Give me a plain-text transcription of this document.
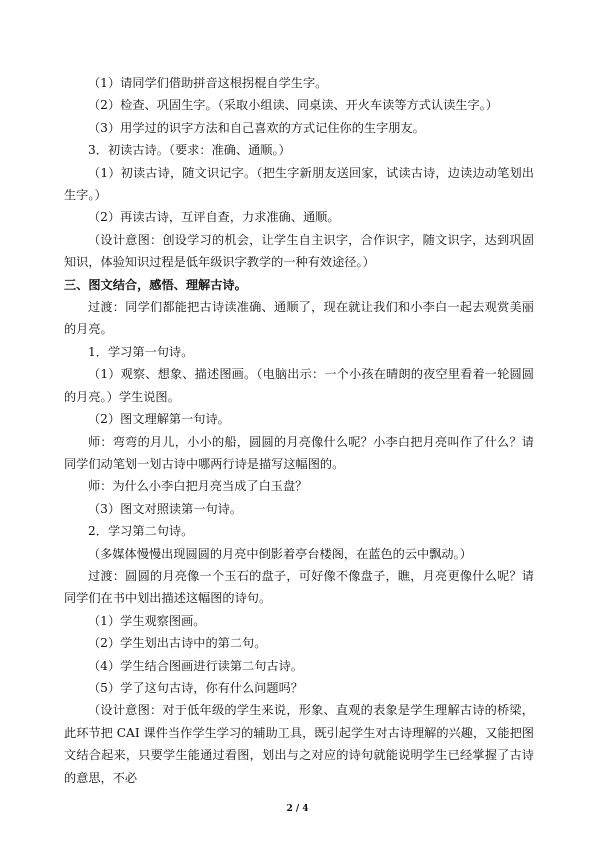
（1）请同学们借助拼音这根拐棍自学生字。

（2）检查、巩固生字。（采取小组读、同桌读、开火车读等方式认读生字。）

（3）用学过的识字方法和自己喜欢的方式记住你的生字朋友。

3．初读古诗。（要求：准确、通顺。）

（1）初读古诗，随文识记字。（把生字新朋友送回家，试读古诗，边读边动笔划出生字。）

（2）再读古诗，互评自查，力求准确、通顺。

（设计意图：创设学习的机会，让学生自主识字，合作识字，随文识字，达到巩固知识，体验知识过程是低年级识字教学的一种有效途径。）

三、图文结合，感悟、理解古诗。

过渡：同学们都能把古诗读准确、通顺了，现在就让我们和小李白一起去观赏美丽的月亮。

1．学习第一句诗。

（1）观察、想象、描述图画。（电脑出示：一个小孩在晴朗的夜空里看着一轮圆圆的月亮。）学生说图。

（2）图文理解第一句诗。

师：弯弯的月儿，小小的船，圆圆的月亮像什么呢？小李白把月亮叫作了什么？请同学们动笔划一划古诗中哪两行诗是描写这幅图的。

师：为什么小李白把月亮当成了白玉盘？

（3）图文对照读第一句诗。

2．学习第二句诗。

（多媒体慢慢出现圆圆的月亮中倒影着亭台楼阁，在蓝色的云中飘动。）

过渡：圆圆的月亮像一个玉石的盘子，可好像不像盘子，瞧，月亮更像什么呢？请同学们在书中划出描述这幅图的诗句。

（1）学生观察图画。

（2）学生划出古诗中的第二句。

（4）学生结合图画进行读第二句古诗。

（5）学了这句古诗，你有什么问题吗？

（设计意图：对于低年级的学生来说，形象、直观的表象是学生理解古诗的桥梁，此环节把 CAI 课件当作学生学习的辅助工具，既引起学生对古诗理解的兴趣，又能把图文结合起来，只要学生能通过看图，划出与之对应的诗句就能说明学生已经掌握了古诗的意思，不必

2 / 4
